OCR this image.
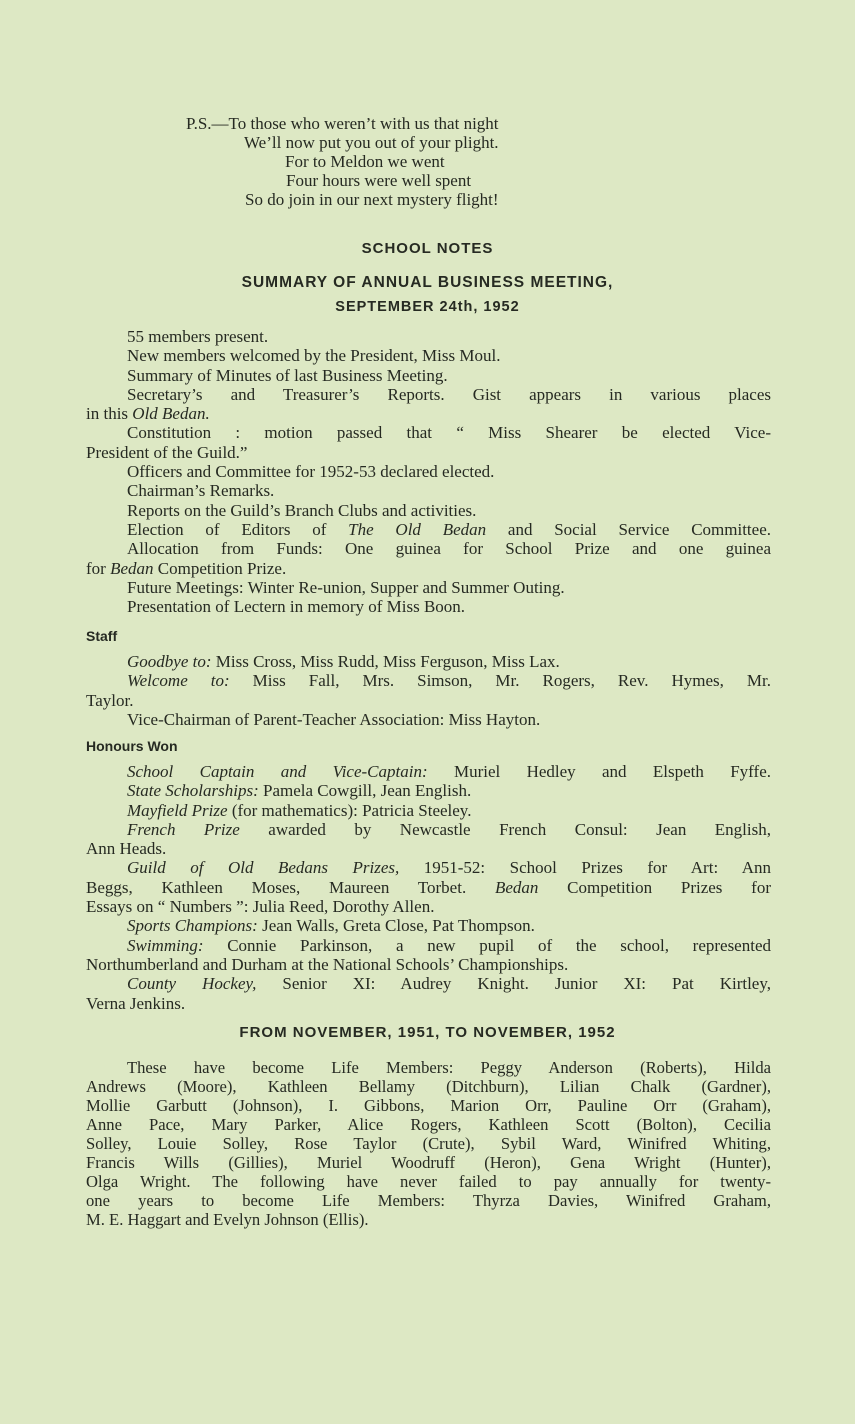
P.S.—To those who weren’t with us that night
We’ll now put you out of your plight.
For to Meldon we went
Four hours were well spent
So do join in our next mystery flight!
SCHOOL NOTES
SUMMARY OF ANNUAL BUSINESS MEETING,
SEPTEMBER 24th, 1952
55 members present.
New members welcomed by the President, Miss Moul.
Summary of Minutes of last Business Meeting.
Secretary’s and Treasurer’s Reports. Gist appears in various places
in this Old Bedan.
Constitution : motion passed that “ Miss Shearer be elected Vice-
President of the Guild.”
Officers and Committee for 1952-53 declared elected.
Chairman’s Remarks.
Reports on the Guild’s Branch Clubs and activities.
Election of Editors of The Old Bedan and Social Service Committee.
Allocation from Funds: One guinea for School Prize and one guinea
for Bedan Competition Prize.
Future Meetings: Winter Re-union, Supper and Summer Outing.
Presentation of Lectern in memory of Miss Boon.
Staff
Goodbye to: Miss Cross, Miss Rudd, Miss Ferguson, Miss Lax.
Welcome to: Miss Fall, Mrs. Simson, Mr. Rogers, Rev. Hymes, Mr.
Taylor.
Vice-Chairman of Parent-Teacher Association: Miss Hayton.
Honours Won
School Captain and Vice-Captain: Muriel Hedley and Elspeth Fyffe.
State Scholarships: Pamela Cowgill, Jean English.
Mayfield Prize (for mathematics): Patricia Steeley.
French Prize awarded by Newcastle French Consul: Jean English,
Ann Heads.
Guild of Old Bedans Prizes, 1951-52: School Prizes for Art: Ann
Beggs, Kathleen Moses, Maureen Torbet. Bedan Competition Prizes for
Essays on “ Numbers ”: Julia Reed, Dorothy Allen.
Sports Champions: Jean Walls, Greta Close, Pat Thompson.
Swimming: Connie Parkinson, a new pupil of the school, represented
Northumberland and Durham at the National Schools’ Championships.
County Hockey, Senior XI: Audrey Knight. Junior XI: Pat Kirtley,
Verna Jenkins.
FROM NOVEMBER, 1951, TO NOVEMBER, 1952
These have become Life Members: Peggy Anderson (Roberts), Hilda
Andrews (Moore), Kathleen Bellamy (Ditchburn), Lilian Chalk (Gardner),
Mollie Garbutt (Johnson), I. Gibbons, Marion Orr, Pauline Orr (Graham),
Anne Pace, Mary Parker, Alice Rogers, Kathleen Scott (Bolton), Cecilia
Solley, Louie Solley, Rose Taylor (Crute), Sybil Ward, Winifred Whiting,
Francis Wills (Gillies), Muriel Woodruff (Heron), Gena Wright (Hunter),
Olga Wright. The following have never failed to pay annually for twenty-
one years to become Life Members: Thyrza Davies, Winifred Graham,
M. E. Haggart and Evelyn Johnson (Ellis).
